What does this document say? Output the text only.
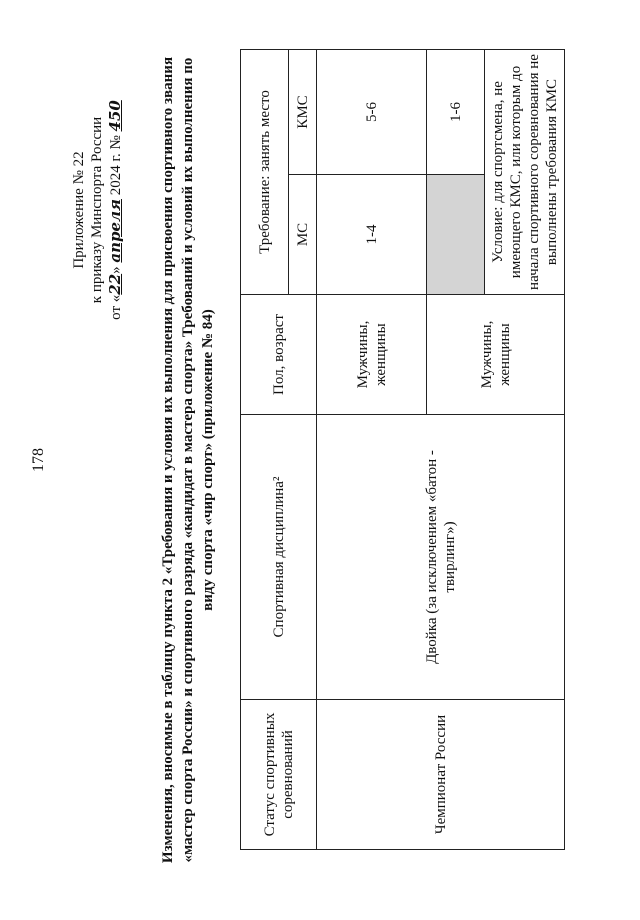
178
Приложение № 22 к приказу Минспорта России
от «22» апреля 2024 г. № 450 Изменения, вносимые в таблицу пункта 2 «Требования и условия их выполнения для присвоения спортивного звания «мастер спорта России» и спортивного разряда «кандидат в мастера спорта» Требований и условий их выполнения по виду спорта «чир спорт» (приложение № 84)
Статус спортивных соревнований	Спортивная дисциплина²	Пол, возраст	Требование: занять место	
			МС	КМС
Чемпионат России	Двойка (за исключением «батон - твирлинг»)	Мужчины, женщины	1-4	5-6
		Мужчины, женщины		1-6
			Условие: для спортсмена, не имеющего КМС, или которым до начала спортивного соревнования не выполнены требования КМС	
